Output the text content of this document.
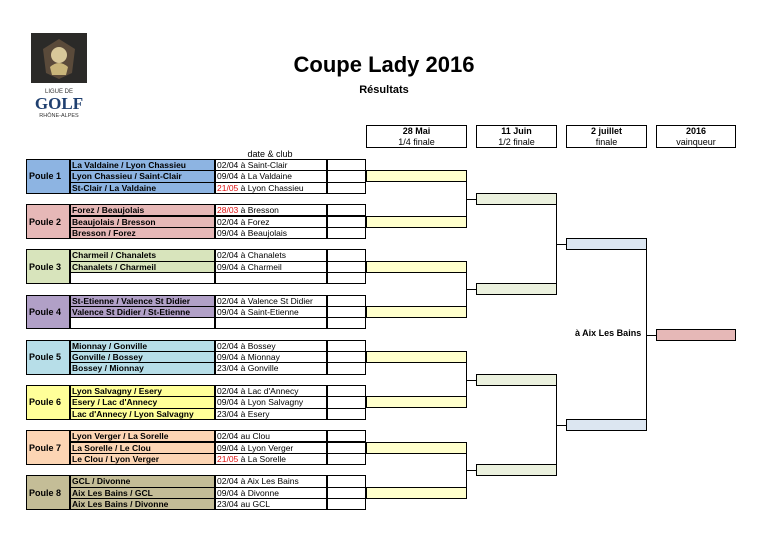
LIGUE DE
GOLF
RHÔNE-ALPES
Coupe Lady 2016
Résultats
28 Mai
1/4 finale
11 Juin
1/2 finale
2 juillet
finale
2016
vainqueur
date & club
Poule 1
La Valdaine / Lyon Chassieu	02/04 à Saint-Clair
Lyon Chassieu / Saint-Clair	09/04 à La Valdaine
St-Clair / La Valdaine	21/05 à Lyon Chassieu
Poule 2
Forez / Beaujolais	28/03 à Bresson
Beaujolais / Bresson	02/04 à Forez
Bresson / Forez	09/04 à Beaujolais
Poule 3
Charmeil / Chanalets	02/04 à Chanalets
Chanalets / Charmeil	09/04 à Charmeil
Poule 4
St-Etienne / Valence St Didier	02/04 à Valence St Didier
Valence St Didier / St-Etienne	09/04 à Saint-Etienne
Poule 5
Mionnay / Gonville	02/04 à Bossey
Gonville / Bossey	09/04 à Mionnay
Bossey / Mionnay	23/04 à Gonville
Poule 6
Lyon Salvagny / Esery	02/04 à Lac d'Annecy
Esery / Lac d'Annecy	09/04 à Lyon Salvagny
Lac d'Annecy / Lyon Salvagny	23/04 à Esery
Poule 7
Lyon Verger / La Sorelle	02/04 au Clou
La Sorelle / Le Clou	09/04 à Lyon Verger
Le Clou / Lyon Verger	21/05 à La Sorelle
Poule 8
GCL / Divonne	02/04 à Aix Les Bains
Aix Les Bains / GCL	09/04 à Divonne
Aix Les Bains / Divonne	23/04 au GCL
à Aix Les Bains
